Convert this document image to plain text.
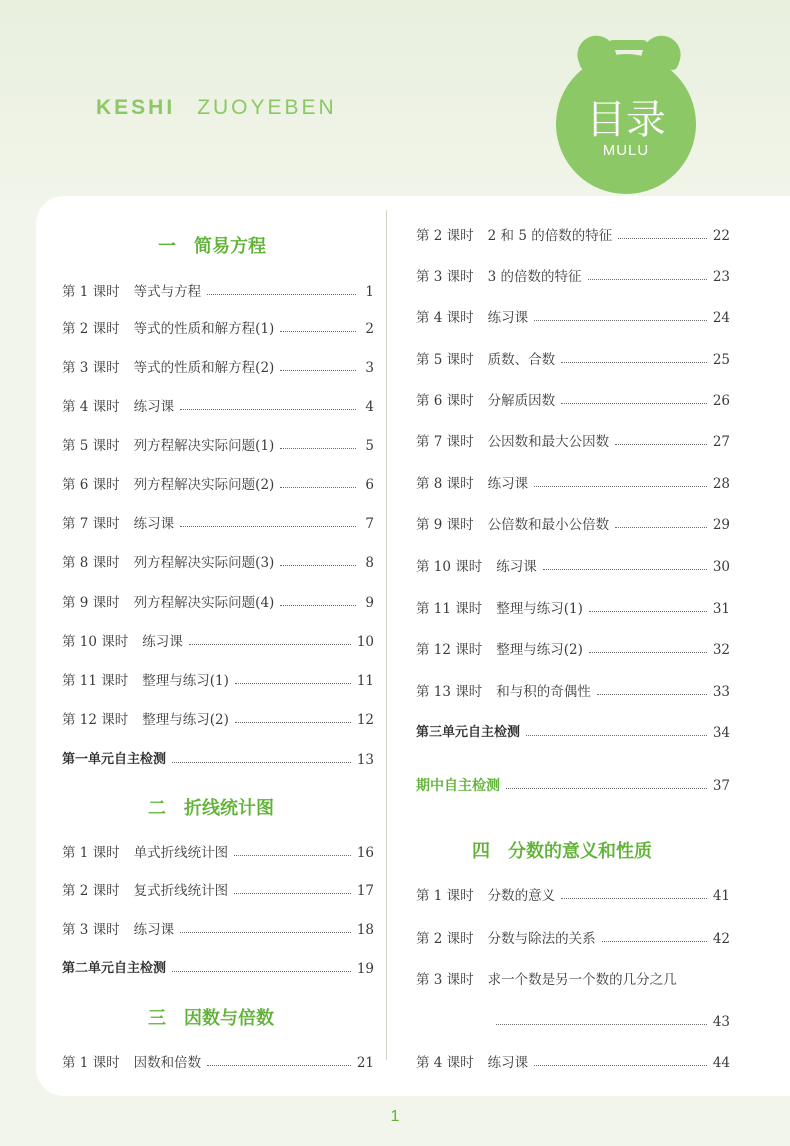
KESHI ZUOYEBEN	目录
MULU
一 简易方程
二 折线统计图
三 因数与倍数
四 分数的意义和性质
第 1 课时 等式与方程	1
第 2 课时 等式的性质和解方程(1)	2
第 3 课时 等式的性质和解方程(2)	3
第 4 课时 练习课	4
第 5 课时 列方程解决实际问题(1)	5
第 6 课时 列方程解决实际问题(2)	6
第 7 课时 练习课	7
第 8 课时 列方程解决实际问题(3)	8
第 9 课时 列方程解决实际问题(4)	9
第 10 课时 练习课	10
第 11 课时 整理与练习(1)	11
第 12 课时 整理与练习(2)	12
第一单元自主检测	13
第 1 课时 单式折线统计图	16
第 2 课时 复式折线统计图	17
第 3 课时 练习课	18
第二单元自主检测	19
第 1 课时 因数和倍数	21
第 2 课时 2 和 5 的倍数的特征	22
第 3 课时 3 的倍数的特征	23
第 4 课时 练习课	24
第 5 课时 质数、合数	25
第 6 课时 分解质因数	26
第 7 课时 公因数和最大公因数	27
第 8 课时 练习课	28
第 9 课时 公倍数和最小公倍数	29
第 10 课时 练习课	30
第 11 课时 整理与练习(1)	31
第 12 课时 整理与练习(2)	32
第 13 课时 和与积的奇偶性	33
第三单元自主检测	34
期中自主检测	37
第 1 课时 分数的意义	41
第 2 课时 分数与除法的关系	42
第 3 课时 求一个数是另一个数的几分之几
43
第 4 课时 练习课	44
1
